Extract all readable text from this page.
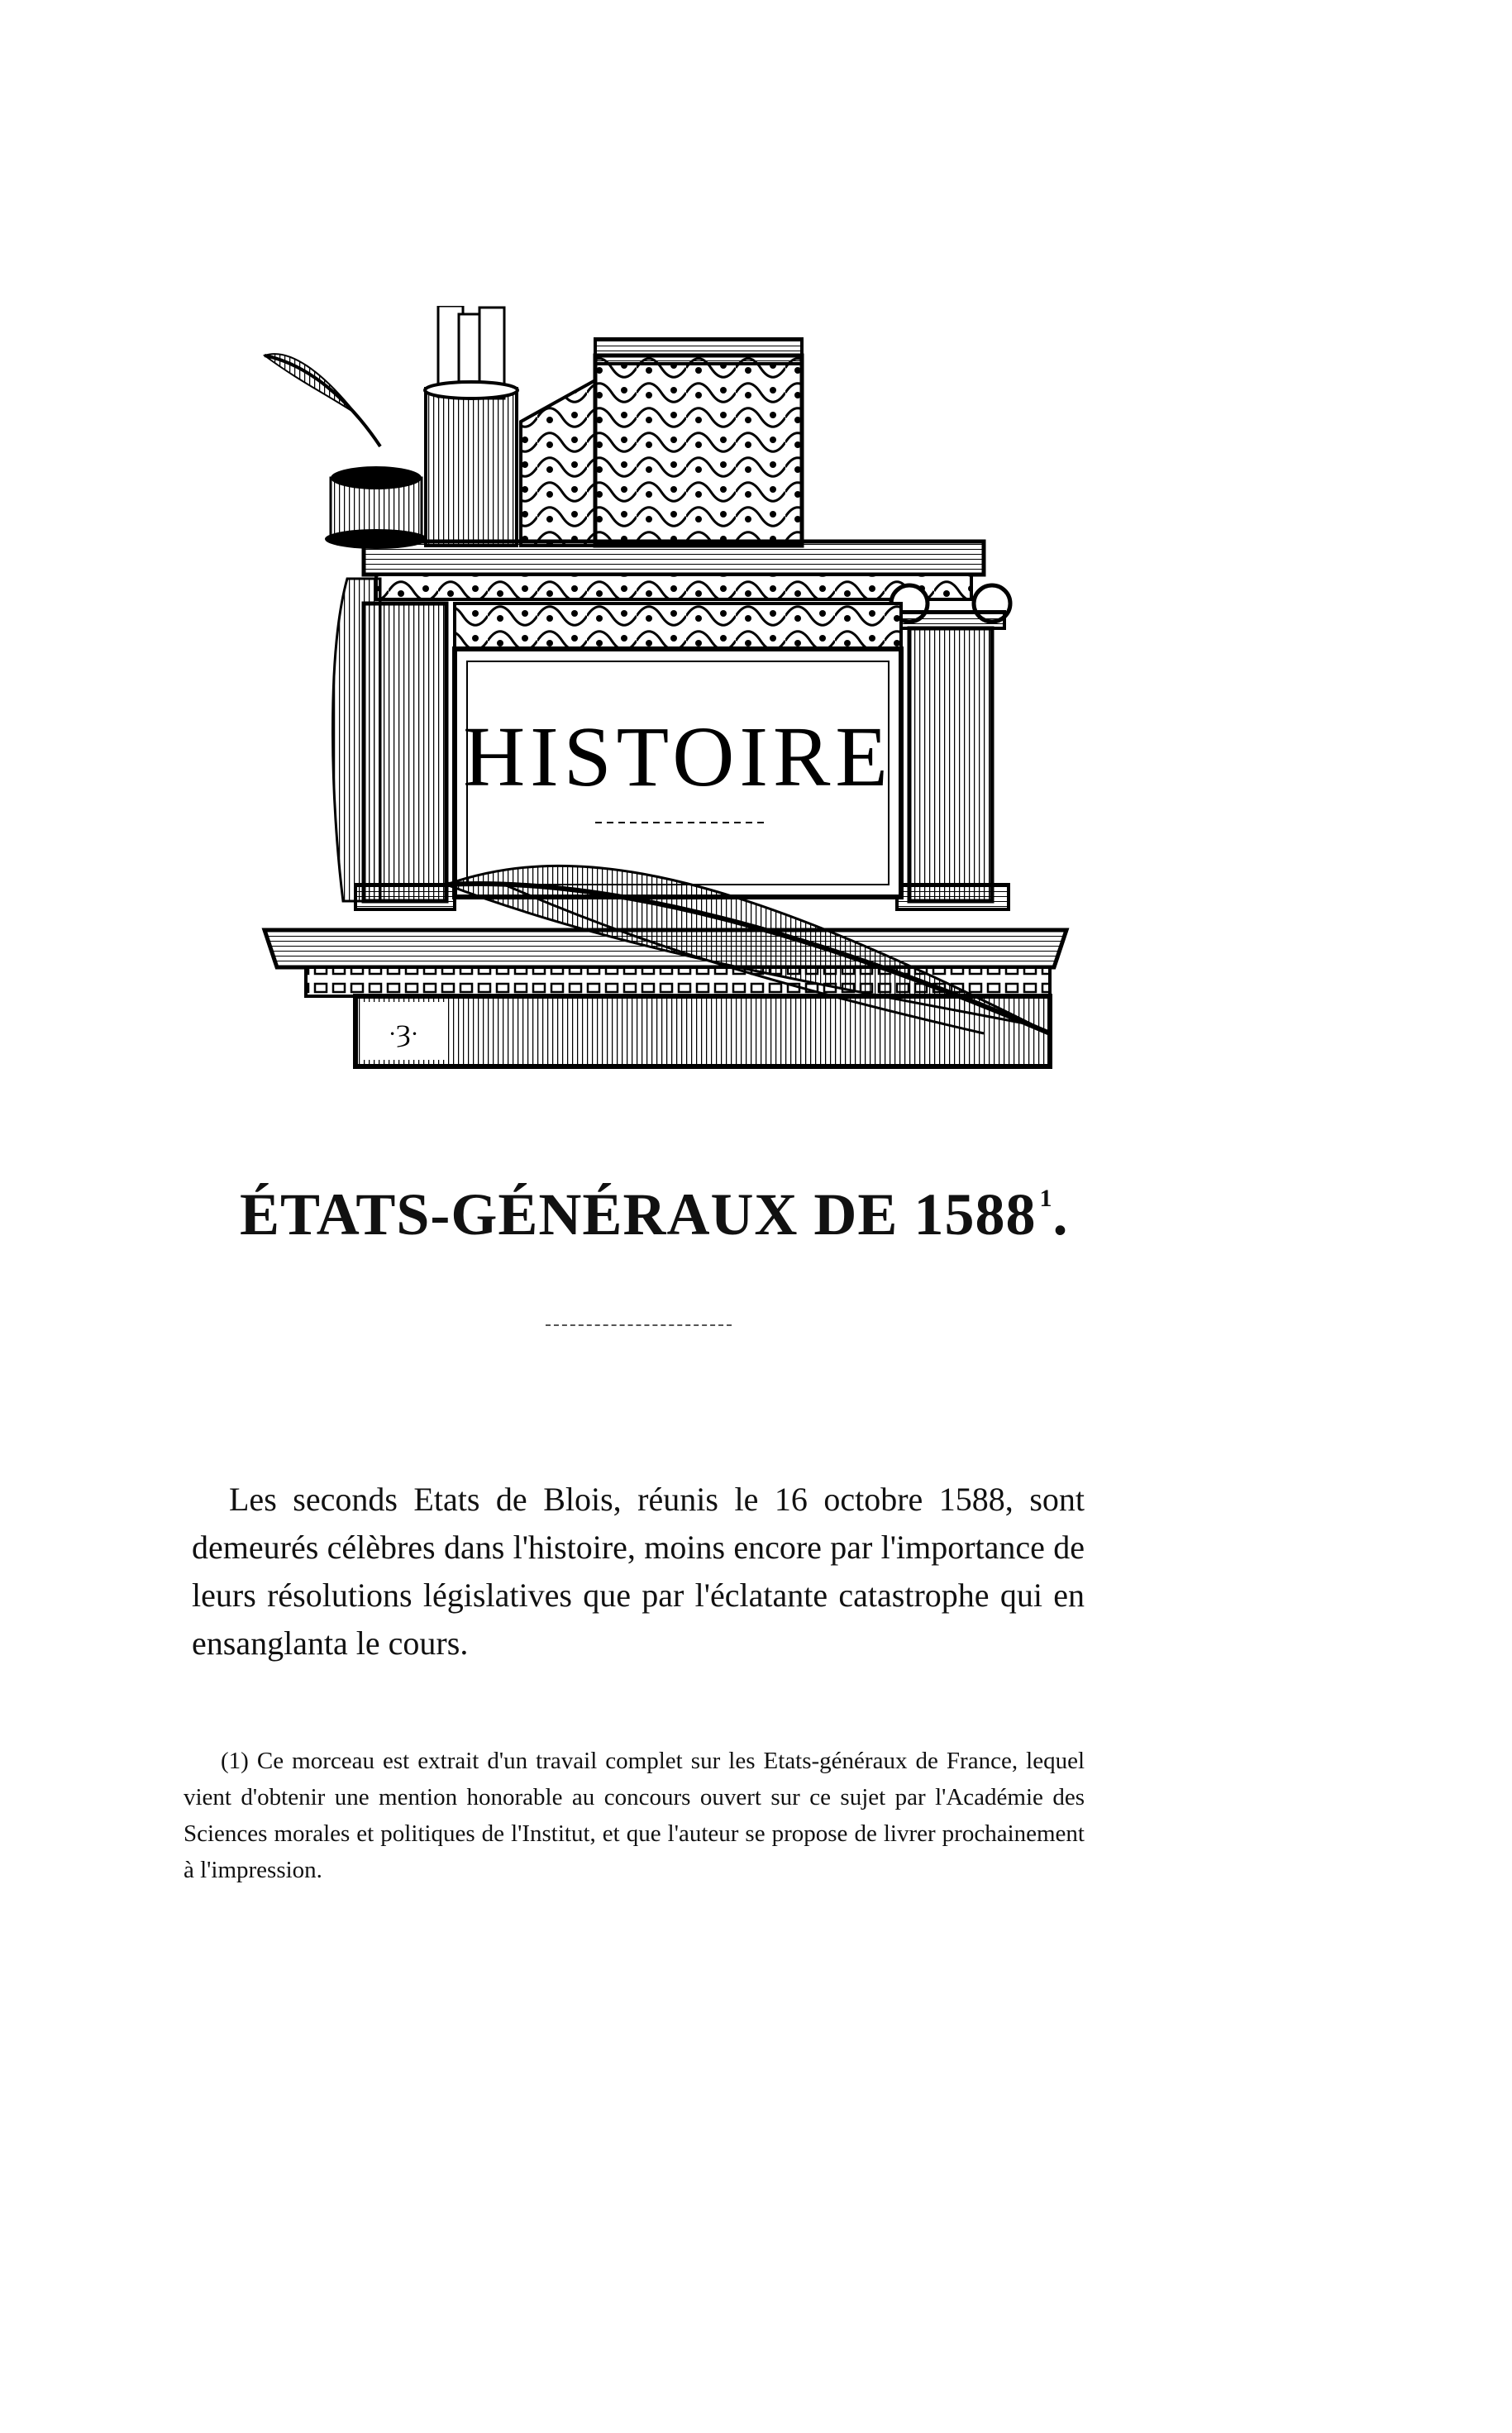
HISTOIRE
·Ȝ·
ÉTATS-GÉNÉRAUX DE 1588 $^1$.

Les seconds Etats de Blois, réunis le 16 octobre 1588, sont demeurés célèbres dans l'histoire, moins encore par l'importance de leurs résolutions législatives que par l'éclatante catastrophe qui en ensanglanta le cours.

(1) Ce morceau est extrait d'un travail complet sur les Etats-généraux de France, lequel vient d'obtenir une mention honorable au concours ouvert sur ce sujet par l'Académie des Sciences morales et politiques de l'Institut, et que l'auteur se propose de livrer prochainement à l'impression.
